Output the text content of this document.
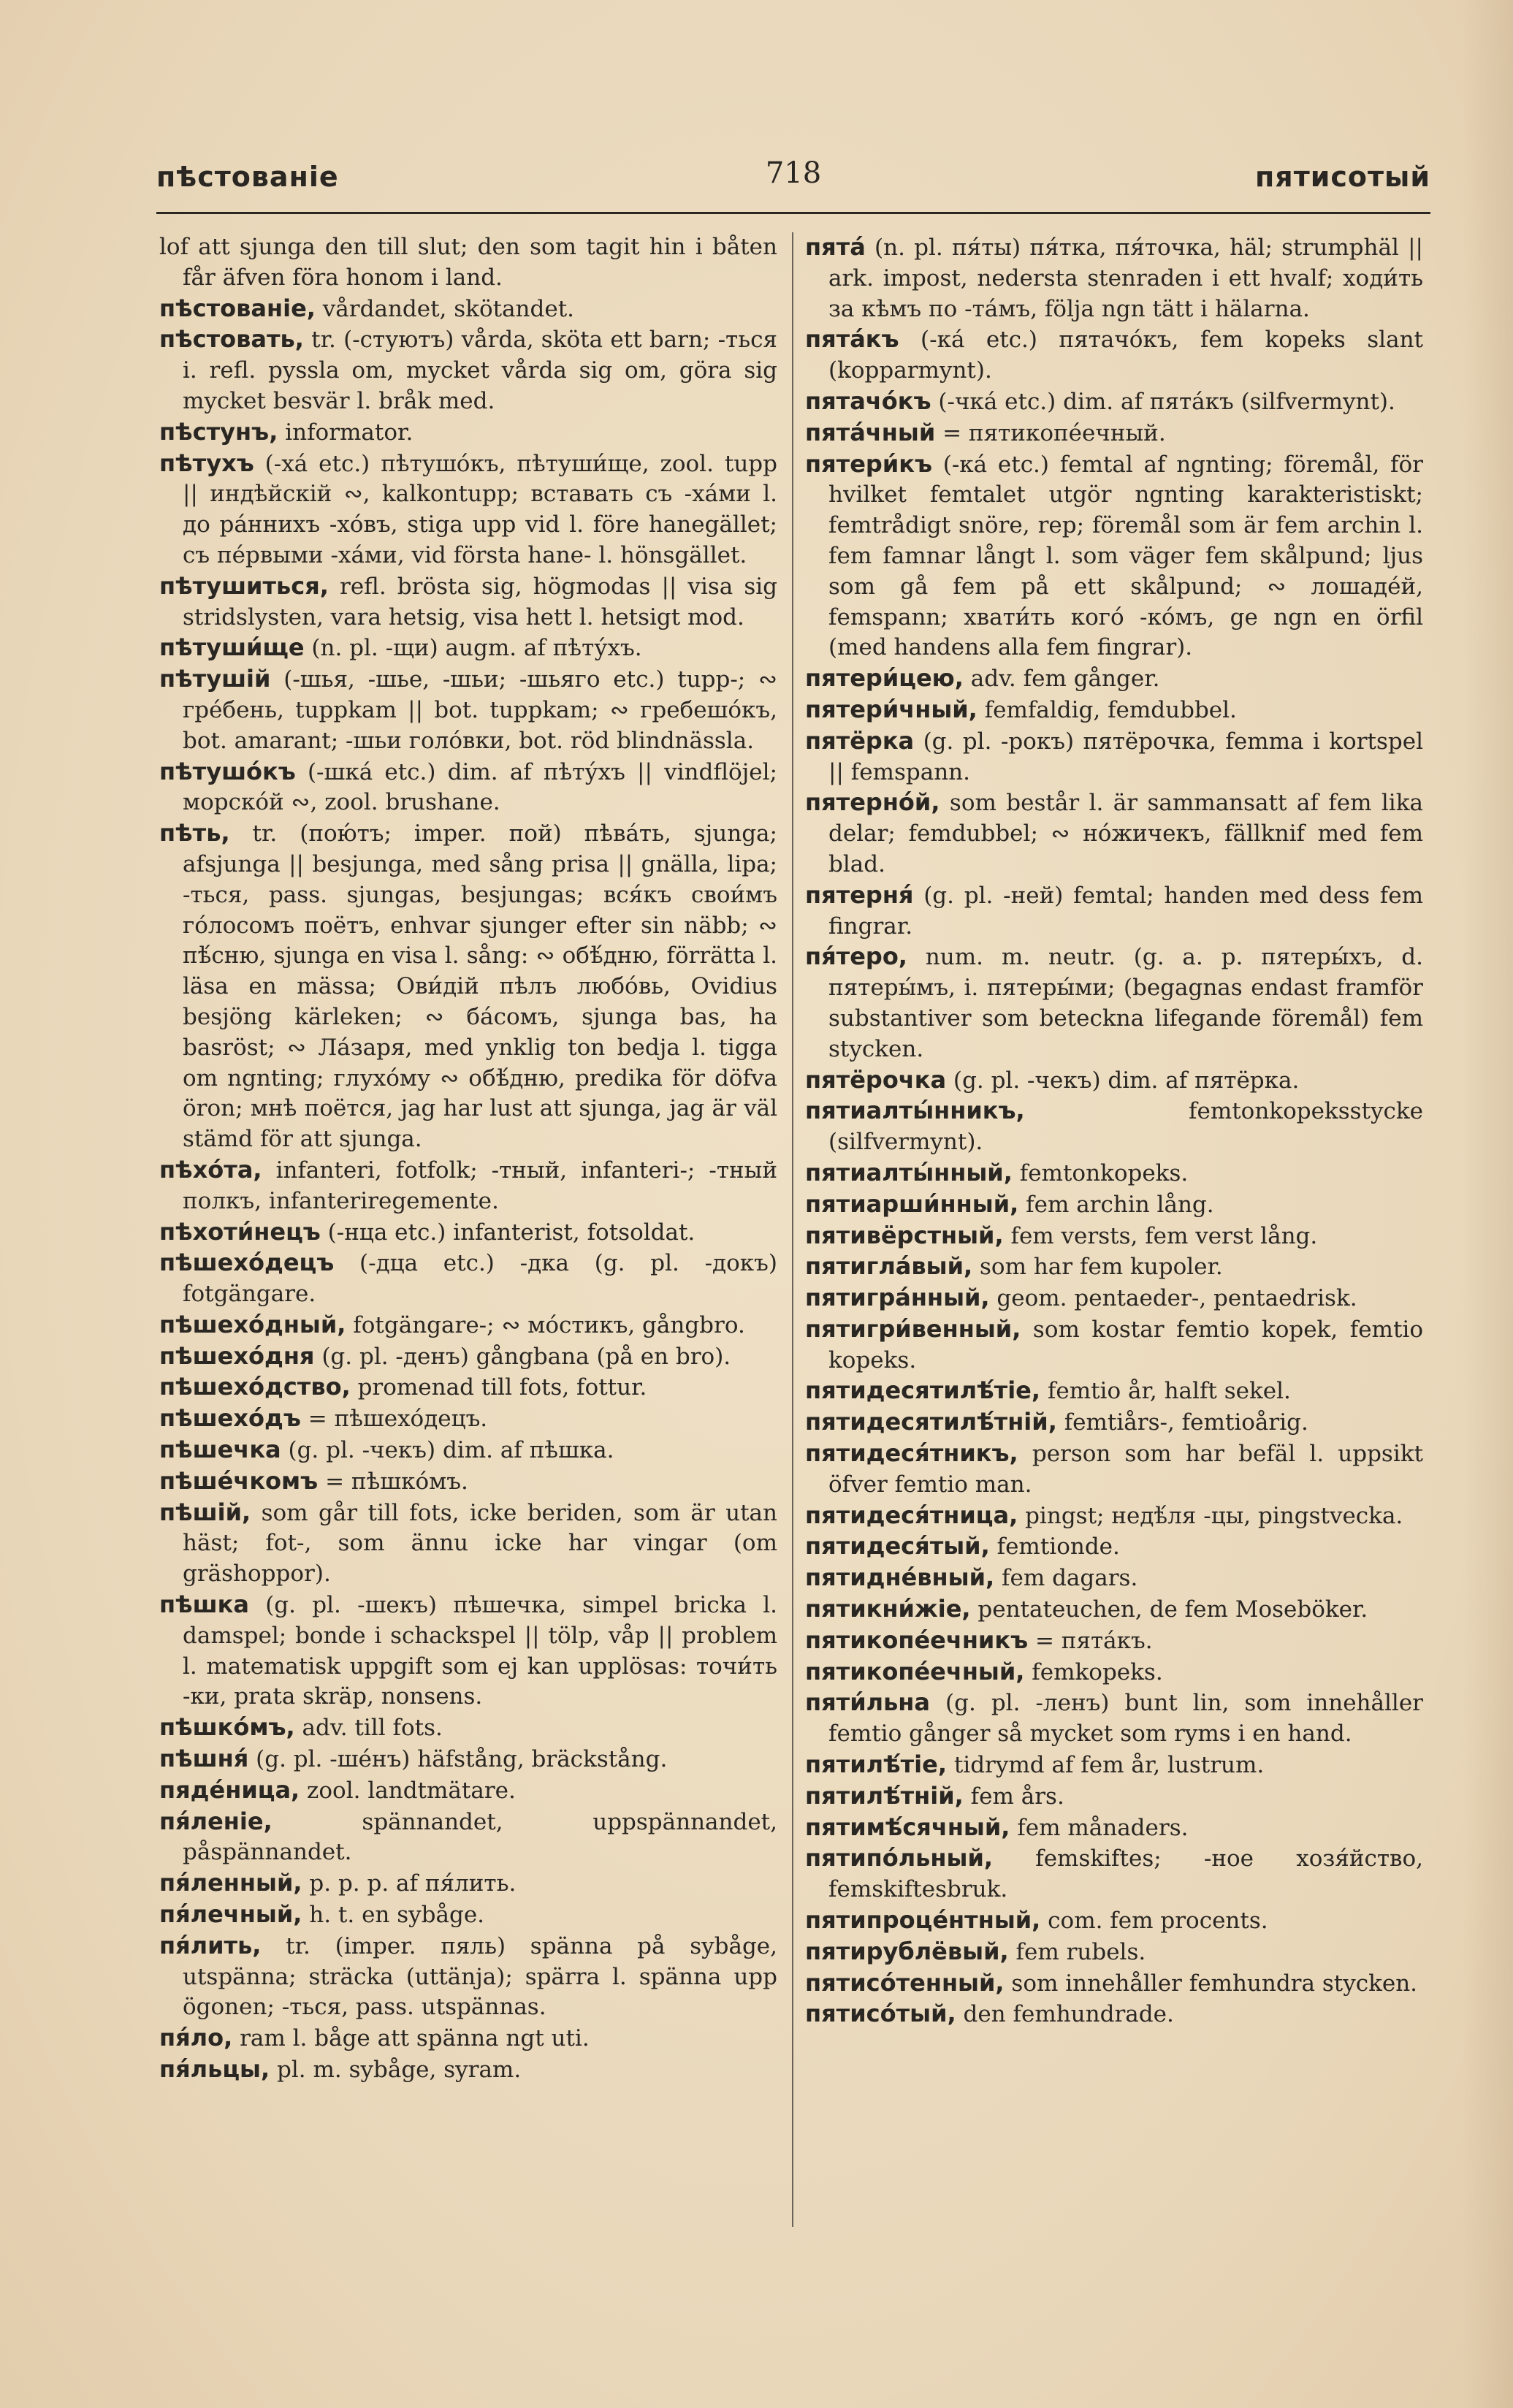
пѣстованіе	718	пятисотый

lof att sjunga den till slut; den som tagit hin i båten får äfven föra honom i land.

пѣстованіе, vårdandet, skötandet.

пѣстовать, tr. (-стуютъ) vårda, sköta ett barn; -ться i. refl. pyssla om, mycket vårda sig om, göra sig mycket besvär l. bråk med.

пѣстунъ, informator.

пѣтухъ (-ха́ etc.) пѣтушо́къ, пѣтуши́ще, zool. tupp || индѣйскій ∾, kalkontupp; вставать съ -ха́ми l. до ра́ннихъ -хо́въ, stiga upp vid l. före hanegället; съ пе́рвыми -ха́ми, vid första hane- l. hönsgället.

пѣтушиться, refl. brösta sig, högmodas || visa sig stridslysten, vara hetsig, visa hett l. hetsigt mod.

пѣтуши́ще (n. pl. -щи) augm. af пѣту́хъ.

пѣтушій (-шья, -шье, -шьи; -шьяго etc.) tupp-; ∾ гре́бень, tuppkam || bot. tuppkam; ∾ гребешо́къ, bot. amarant; -шьи голо́вки, bot. röd blindnässla.

пѣтушо́къ (-шка́ etc.) dim. af пѣту́хъ || vindflöjel; морско́й ∾, zool. brushane.

пѣть, tr. (пою́тъ; imper. пой) пѣва́ть, sjunga; afsjunga || besjunga, med sång prisa || gnälla, lipa; -ться, pass. sjungas, besjungas; вся́къ свои́мъ го́лосомъ поётъ, enhvar sjunger efter sin näbb; ∾ пѣ́сню, sjunga en visa l. sång: ∾ обѣ́дню, förrätta l. läsa en mässa; Ови́дій пѣлъ любо́вь, Ovidius besjöng kärleken; ∾ ба́сомъ, sjunga bas, ha basröst; ∾ Ла́заря, med ynklig ton bedja l. tigga om ngnting; глухо́му ∾ обѣ́дню, predika för döfva öron; мнѣ поётся, jag har lust att sjunga, jag är väl stämd för att sjunga.

пѣхо́та, infanteri, fotfolk; -тный, infanteri-; -тный полкъ, infanteriregemente.

пѣхоти́нецъ (-нца etc.) infanterist, fotsoldat.

пѣшехо́децъ (-дца etc.) -дка (g. pl. -докъ) fotgängare.

пѣшехо́дный, fotgängare-; ∾ мо́стикъ, gångbro.

пѣшехо́дня (g. pl. -денъ) gångbana (på en bro).

пѣшехо́дство, promenad till fots, fottur.

пѣшехо́дъ = пѣшехо́децъ.

пѣшечка (g. pl. -чекъ) dim. af пѣшка.

пѣше́чкомъ = пѣшко́мъ.

пѣшій, som går till fots, icke beriden, som är utan häst; fot-, som ännu icke har vingar (om gräshoppor).

пѣшка (g. pl. -шекъ) пѣшечка, simpel bricka l. damspel; bonde i schackspel || tölp, våp || problem l. matematisk uppgift som ej kan upplösas: точи́ть -ки, prata skräp, nonsens.

пѣшко́мъ, adv. till fots.

пѣшня́ (g. pl. -ше́нъ) häfstång, bräckstång.

пяде́ница, zool. landtmätare.

пя́леніе, spännandet, uppspännandet, påspännandet.

пя́ленный, p. p. p. af пя́лить.

пя́лечный, h. t. en sybåge.

пя́лить, tr. (imper. пяль) spänna på sybåge, utspänna; sträcka (uttänja); spärra l. spänna upp ögonen; -ться, pass. utspännas.

пя́ло, ram l. båge att spänna ngt uti.

пя́льцы, pl. m. sybåge, syram.

пята́ (n. pl. пя́ты) пя́тка, пя́точка, häl; strumphäl || ark. impost, nedersta stenraden i ett hvalf; ходи́ть за кѣмъ по -та́мъ, följa ngn tätt i hälarna.

пята́къ (-ка́ etc.) пятачо́къ, fem kopeks slant (kopparmynt).

пятачо́къ (-чка́ etc.) dim. af пята́къ (silfvermynt).

пята́чный = пятикопе́ечный.

пятери́къ (-ка́ etc.) femtal af ngnting; föremål, för hvilket femtalet utgör ngnting karakteristiskt; femtrådigt snöre, rep; föremål som är fem archin l. fem famnar långt l. som väger fem skålpund; ljus som gå fem på ett skålpund; ∾ лошаде́й, femspann; хвати́ть кого́ -ко́мъ, ge ngn en örfil (med handens alla fem fingrar).

пятери́цею, adv. fem gånger.

пятери́чный, femfaldig, femdubbel.

пятёрка (g. pl. -рокъ) пятёрочка, femma i kortspel || femspann.

пятерно́й, som består l. är sammansatt af fem lika delar; femdubbel; ∾ но́жичекъ, fällknif med fem blad.

пятерня́ (g. pl. -ней) femtal; handen med dess fem fingrar.

пя́теро, num. m. neutr. (g. a. p. пятеры́хъ, d. пятеры́мъ, i. пятеры́ми; (begagnas endast framför substantiver som beteckna lifegande föremål) fem stycken.

пятёрочка (g. pl. -чекъ) dim. af пятёрка.

пятиалты́нникъ, femtonkopeksstycke (silfvermynt).

пятиалты́нный, femtonkopeks.

пятиарши́нный, fem archin lång.

пятивёрстный, fem versts, fem verst lång.

пятигла́вый, som har fem kupoler.

пятигра́нный, geom. pentaeder-, pentaedrisk.

пятигри́венный, som kostar femtio kopek, femtio kopeks.

пятидесятилѣ́тіе, femtio år, halft sekel.

пятидесятилѣ́тній, femtiårs-, femtioårig.

пятидеся́тникъ, person som har befäl l. uppsikt öfver femtio man.

пятидеся́тница, pingst; недѣ́ля -цы, pingstvecka.

пятидеся́тый, femtionde.

пятидне́вный, fem dagars.

пятикни́жіе, pentateuchen, de fem Moseböker.

пятикопе́ечникъ = пята́къ.

пятикопе́ечный, femkopeks.

пяти́льна (g. pl. -ленъ) bunt lin, som innehåller femtio gånger så mycket som ryms i en hand.

пятилѣ́тіе, tidrymd af fem år, lustrum.

пятилѣ́тній, fem års.

пятимѣ́сячный, fem månaders.

пятипо́льный, femskiftes; -ное хозя́йство, femskiftesbruk.

пятипроце́нтный, com. fem procents.

пятирублёвый, fem rubels.

пятисо́тенный, som innehåller femhundra stycken.

пятисо́тый, den femhundrade.
